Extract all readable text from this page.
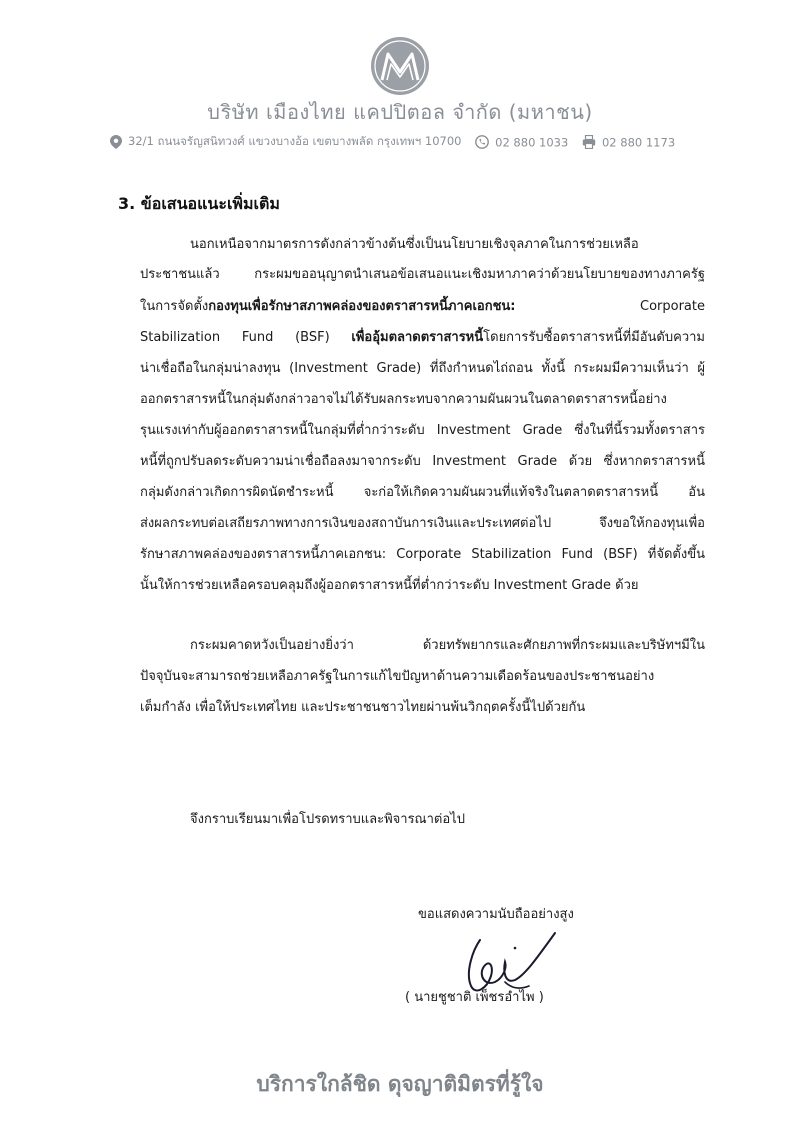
บริษัท เมืองไทย แคปปิตอล จำกัด (มหาชน)
32/1 ถนนจรัญสนิทวงศ์ แขวงบางอ้อ เขตบางพลัด กรุงเทพฯ 10700	02 880 1033	02 880 1173
3. ข้อเสนอแนะเพิ่มเติม
นอกเหนือจากมาตรการดังกล่าวข้างต้นซึ่งเป็นนโยบายเชิงจุลภาคในการช่วยเหลือ
ประชาชนแล้ว กระผมขออนุญาตนำเสนอข้อเสนอแนะเชิงมหาภาคว่าด้วยนโยบายของทางภาครัฐ
ในการจัดตั้งกองทุนเพื่อรักษาสภาพคล่องของตราสารหนี้ภาคเอกชน:	Corporate
Stabilization Fund (BSF) เพื่ออุ้มตลาดตราสารหนี้โดยการรับซื้อตราสารหนี้ที่มีอันดับความ
น่าเชื่อถือในกลุ่มน่าลงทุน (Investment Grade) ที่ถึงกำหนดไถ่ถอน ทั้งนี้ กระผมมีความเห็นว่า ผู้
ออกตราสารหนี้ในกลุ่มดังกล่าวอาจไม่ได้รับผลกระทบจากความผันผวนในตลาดตราสารหนี้อย่าง
รุนแรงเท่ากับผู้ออกตราสารหนี้ในกลุ่มที่ต่ำกว่าระดับ Investment Grade ซึ่งในที่นี้รวมทั้งตราสาร
หนี้ที่ถูกปรับลดระดับความน่าเชื่อถือลงมาจากระดับ Investment Grade ด้วย ซึ่งหากตราสารหนี้
กลุ่มดังกล่าวเกิดการผิดนัดชำระหนี้ จะก่อให้เกิดความผันผวนที่แท้จริงในตลาดตราสารหนี้ อัน
ส่งผลกระทบต่อเสถียรภาพทางการเงินของสถาบันการเงินและประเทศต่อไป จึงขอให้กองทุนเพื่อ
รักษาสภาพคล่องของตราสารหนี้ภาคเอกชน: Corporate Stabilization Fund (BSF) ที่จัดตั้งขึ้น
นั้นให้การช่วยเหลือครอบคลุมถึงผู้ออกตราสารหนี้ที่ต่ำกว่าระดับ Investment Grade ด้วย
กระผมคาดหวังเป็นอย่างยิ่งว่า ด้วยทรัพยากรและศักยภาพที่กระผมและบริษัทฯมีใน
ปัจจุบันจะสามารถช่วยเหลือภาครัฐในการแก้ไขปัญหาด้านความเดือดร้อนของประชาชนอย่าง
เต็มกำลัง เพื่อให้ประเทศไทย และประชาชนชาวไทยผ่านพ้นวิกฤตครั้งนี้ไปด้วยกัน
จึงกราบเรียนมาเพื่อโปรดทราบและพิจารณาต่อไป
ขอแสดงความนับถืออย่างสูง
( นายชูชาติ เพ็ชรอำไพ )
บริการใกล้ชิด ดุจญาติมิตรที่รู้ใจ
